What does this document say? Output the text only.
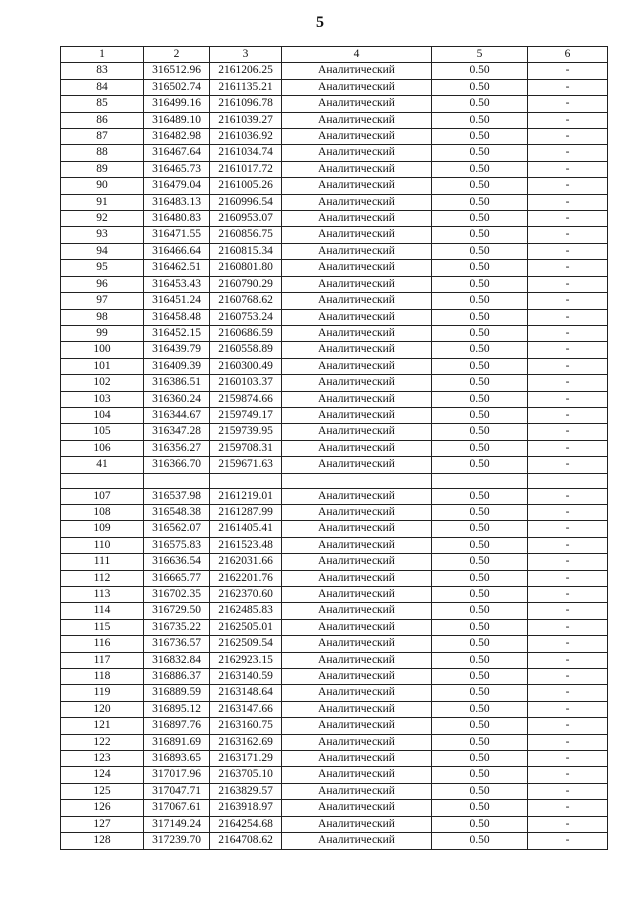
5
1	2	3	4	5	6
83	316512.96	2161206.25	Аналитический	0.50	-
84	316502.74	2161135.21	Аналитический	0.50	-
85	316499.16	2161096.78	Аналитический	0.50	-
86	316489.10	2161039.27	Аналитический	0.50	-
87	316482.98	2161036.92	Аналитический	0.50	-
88	316467.64	2161034.74	Аналитический	0.50	-
89	316465.73	2161017.72	Аналитический	0.50	-
90	316479.04	2161005.26	Аналитический	0.50	-
91	316483.13	2160996.54	Аналитический	0.50	-
92	316480.83	2160953.07	Аналитический	0.50	-
93	316471.55	2160856.75	Аналитический	0.50	-
94	316466.64	2160815.34	Аналитический	0.50	-
95	316462.51	2160801.80	Аналитический	0.50	-
96	316453.43	2160790.29	Аналитический	0.50	-
97	316451.24	2160768.62	Аналитический	0.50	-
98	316458.48	2160753.24	Аналитический	0.50	-
99	316452.15	2160686.59	Аналитический	0.50	-
100	316439.79	2160558.89	Аналитический	0.50	-
101	316409.39	2160300.49	Аналитический	0.50	-
102	316386.51	2160103.37	Аналитический	0.50	-
103	316360.24	2159874.66	Аналитический	0.50	-
104	316344.67	2159749.17	Аналитический	0.50	-
105	316347.28	2159739.95	Аналитический	0.50	-
106	316356.27	2159708.31	Аналитический	0.50	-
41	316366.70	2159671.63	Аналитический	0.50	-

107	316537.98	2161219.01	Аналитический	0.50	-
108	316548.38	2161287.99	Аналитический	0.50	-
109	316562.07	2161405.41	Аналитический	0.50	-
110	316575.83	2161523.48	Аналитический	0.50	-
111	316636.54	2162031.66	Аналитический	0.50	-
112	316665.77	2162201.76	Аналитический	0.50	-
113	316702.35	2162370.60	Аналитический	0.50	-
114	316729.50	2162485.83	Аналитический	0.50	-
115	316735.22	2162505.01	Аналитический	0.50	-
116	316736.57	2162509.54	Аналитический	0.50	-
117	316832.84	2162923.15	Аналитический	0.50	-
118	316886.37	2163140.59	Аналитический	0.50	-
119	316889.59	2163148.64	Аналитический	0.50	-
120	316895.12	2163147.66	Аналитический	0.50	-
121	316897.76	2163160.75	Аналитический	0.50	-
122	316891.69	2163162.69	Аналитический	0.50	-
123	316893.65	2163171.29	Аналитический	0.50	-
124	317017.96	2163705.10	Аналитический	0.50	-
125	317047.71	2163829.57	Аналитический	0.50	-
126	317067.61	2163918.97	Аналитический	0.50	-
127	317149.24	2164254.68	Аналитический	0.50	-
128	317239.70	2164708.62	Аналитический	0.50	-
